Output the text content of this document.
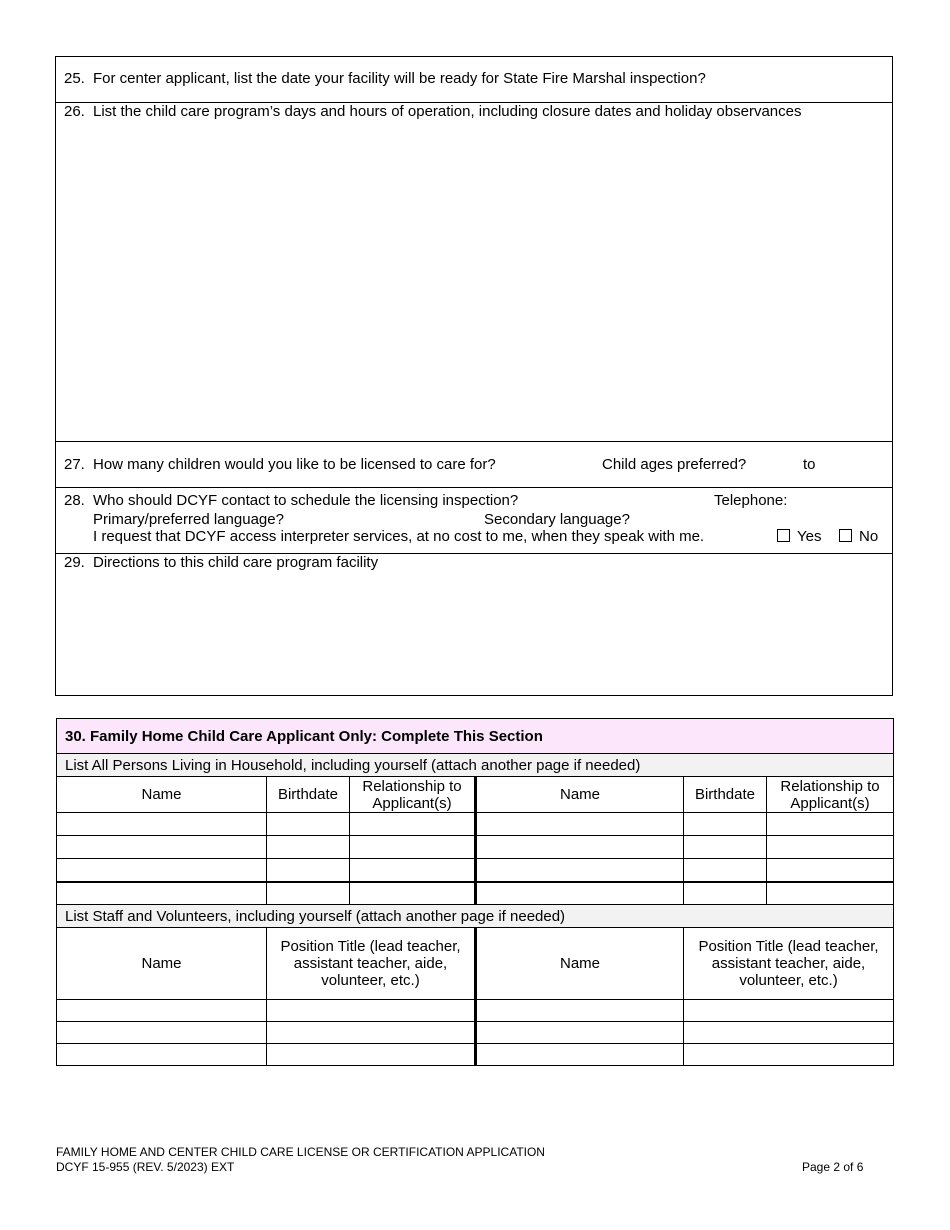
25. For center applicant, list the date your facility will be ready for State Fire Marshal inspection?
26. List the child care program’s days and hours of operation, including closure dates and holiday observances
27. How many children would you like to be licensed to care for?	Child ages preferred?	to
28. Who should DCYF contact to schedule the licensing inspection?	Telephone:
Primary/preferred language?	Secondary language?
I request that DCYF access interpreter services, at no cost to me, when they speak with me.	Yes	No
29. Directions to this child care program facility
30. Family Home Child Care Applicant Only: Complete This Section					
List All Persons Living in Household, including yourself (attach another page if needed)					
Name	Birthdate	Relationship to Applicant(s)	Name	Birthdate	Relationship to Applicant(s)

List Staff and Volunteers, including yourself (attach another page if needed)					
Name	Position Title (lead teacher, assistant teacher, aide, volunteer, etc.)		Name	Position Title (lead teacher, assistant teacher, aide, volunteer, etc.)	

FAMILY HOME AND CENTER CHILD CARE LICENSE OR CERTIFICATION APPLICATION
DCYF 15-955 (REV. 5/2023) EXT	Page 2 of 6
